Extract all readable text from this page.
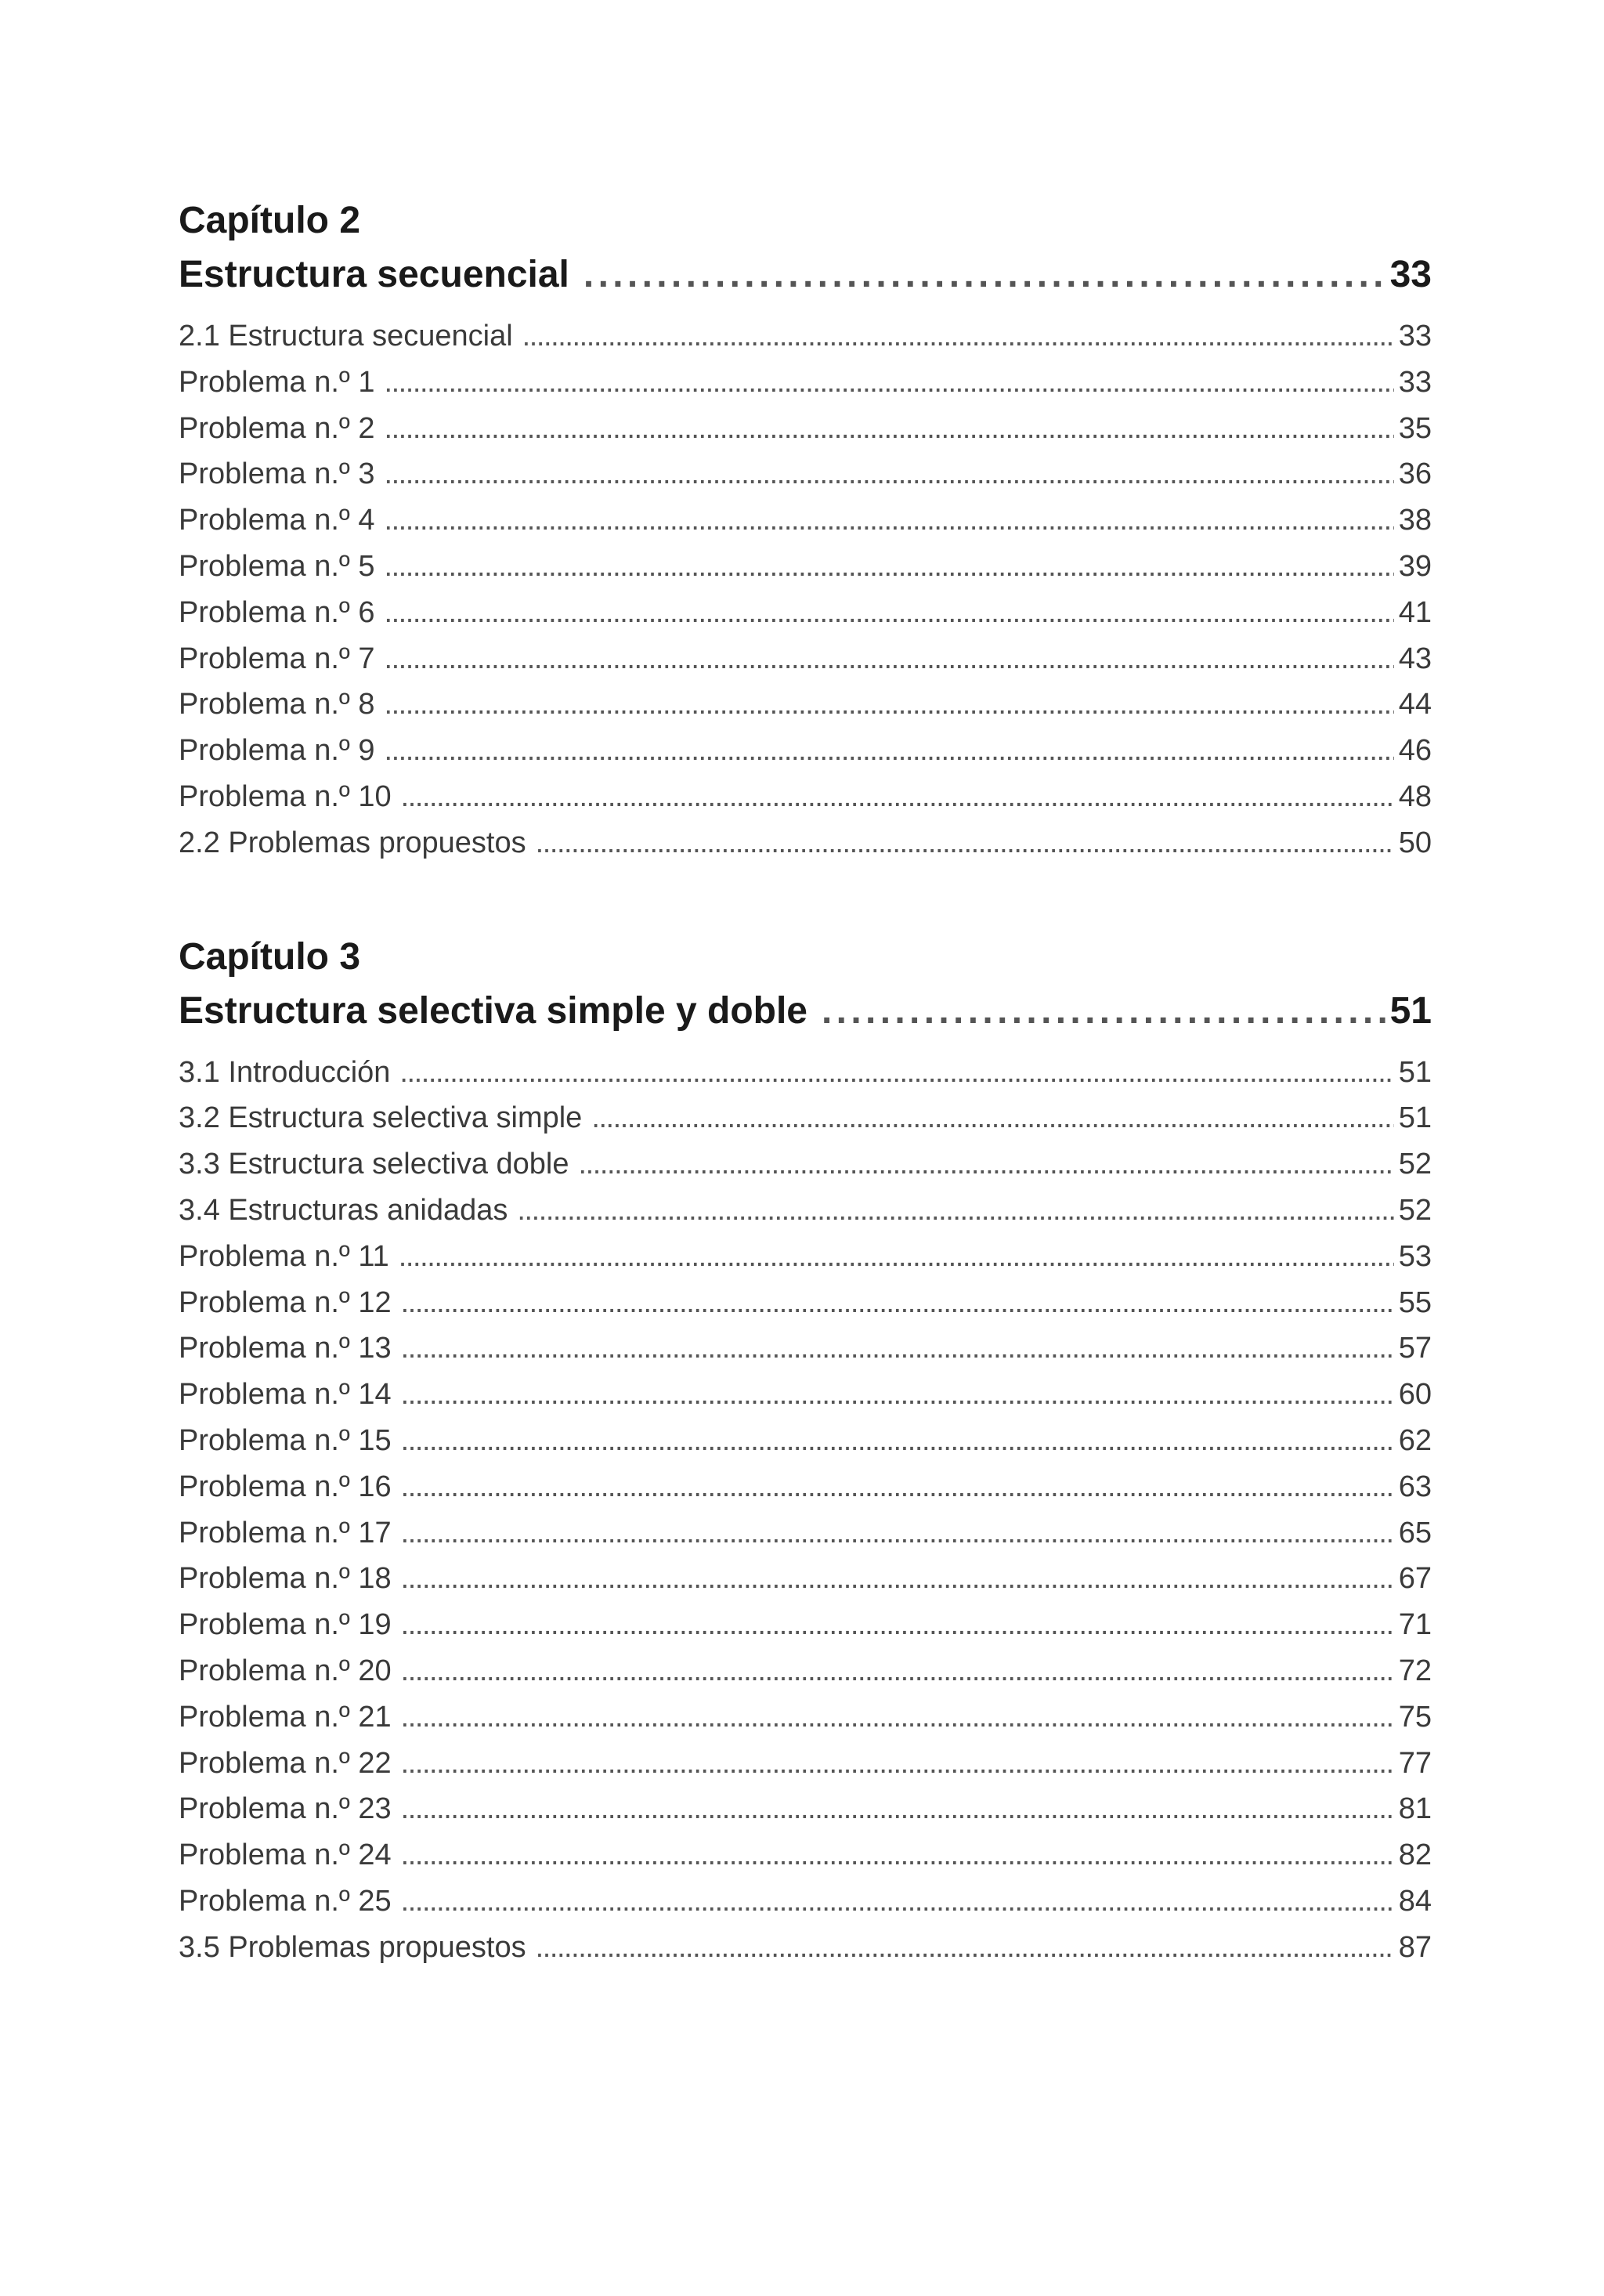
Capítulo 2
Estructura secuencial . . .	33
2.1 Estructura secuencial . . .	33
Problema n.º 1 . . .	33
Problema n.º 2 . . .	35
Problema n.º 3 . . .	36
Problema n.º 4 . . .	38
Problema n.º 5 . . .	39
Problema n.º 6 . . .	41
Problema n.º 7 . . .	43
Problema n.º 8 . . .	44
Problema n.º 9 . . .	46
Problema n.º 10 . . .	48
2.2 Problemas propuestos . . .	50
Capítulo 3
Estructura selectiva simple y doble . . .	51
3.1 Introducción . . .	51
3.2 Estructura selectiva simple . . .	51
3.3 Estructura selectiva doble . . .	52
3.4 Estructuras anidadas . . .	52
Problema n.º 11 . . .	53
Problema n.º 12 . . .	55
Problema n.º 13 . . .	57
Problema n.º 14 . . .	60
Problema n.º 15 . . .	62
Problema n.º 16 . . .	63
Problema n.º 17 . . .	65
Problema n.º 18 . . .	67
Problema n.º 19 . . .	71
Problema n.º 20 . . .	72
Problema n.º 21 . . .	75
Problema n.º 22 . . .	77
Problema n.º 23 . . .	81
Problema n.º 24 . . .	82
Problema n.º 25 . . .	84
3.5 Problemas propuestos . . .	87
